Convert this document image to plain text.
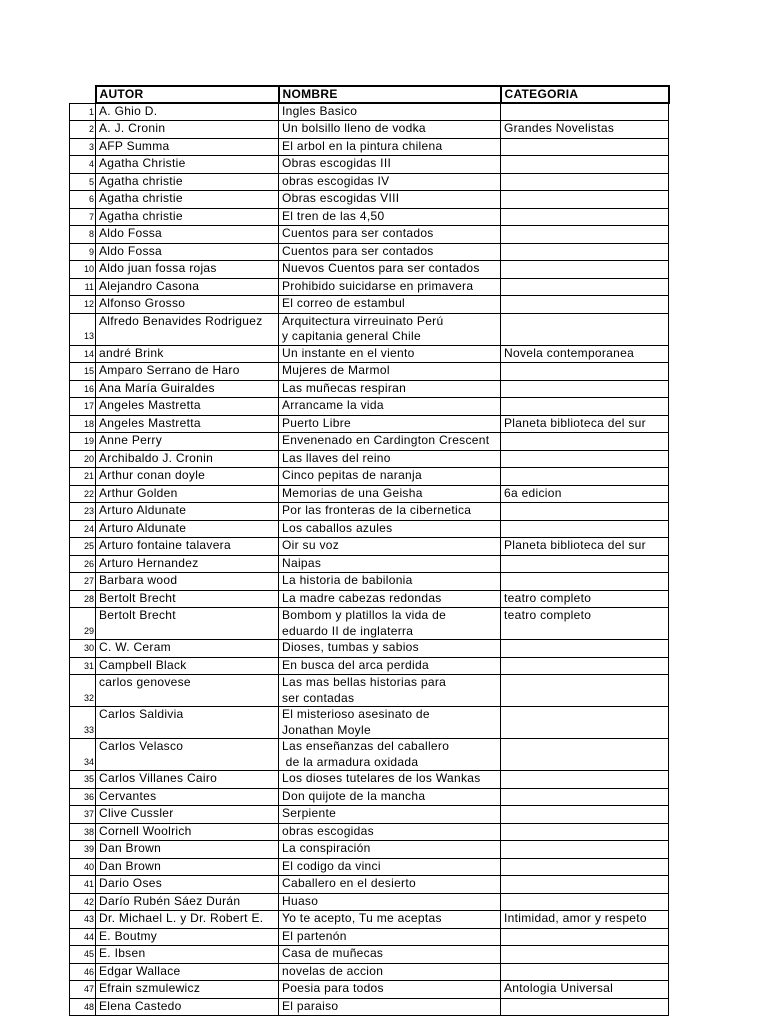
	AUTOR	NOMBRE	CATEGORIA
1	A. Ghio D.	Ingles Basico	

2	A. J. Cronin	Un bolsillo lleno de vodka	Grandes Novelistas
3	AFP Summa	El arbol en la pintura chilena	

4	Agatha Christie	Obras escogidas III	

5	Agatha christie	obras escogidas IV	

6	Agatha christie	Obras escogidas VIII	

7	Agatha christie	El tren de las 4,50	

8	Aldo Fossa	Cuentos para ser contados	

9	Aldo Fossa	Cuentos para ser contados	

10	Aldo juan fossa rojas	Nuevos Cuentos para ser contados	

11	Alejandro Casona	Prohibido suicidarse en primavera	

12	Alfonso Grosso	El correo de estambul	

13	Alfredo Benavides Rodriguez	Arquitectura virreuinato Perú
y capitania general Chile	

14	andré Brink	Un instante en el viento	Novela contemporanea
15	Amparo Serrano de Haro	Mujeres de Marmol	

16	Ana María Guiraldes	Las muñecas respiran	

17	Angeles Mastretta	Arrancame la vida	

18	Angeles Mastretta	Puerto Libre	Planeta biblioteca del sur
19	Anne Perry	Envenenado en Cardington Crescent	

20	Archibaldo J. Cronin	Las llaves del reino	

21	Arthur conan doyle	Cinco pepitas de naranja	

22	Arthur Golden	Memorias de una Geisha	6a edicion
23	Arturo Aldunate	Por las fronteras de la cibernetica	

24	Arturo Aldunate	Los caballos azules	

25	Arturo fontaine talavera	Oir su voz	Planeta biblioteca del sur
26	Arturo Hernandez	Naipas	

27	Barbara wood	La historia de babilonia	

28	Bertolt Brecht	La madre cabezas redondas	teatro completo
29	Bertolt Brecht	Bombom y platillos la vida de
eduardo II de inglaterra	teatro completo
30	C. W. Ceram	Dioses, tumbas y sabios	

31	Campbell Black	En busca del arca perdida	

32	carlos genovese	Las mas bellas historias para
ser contadas	

33	Carlos Saldivia	El misterioso asesinato de
Jonathan Moyle	

34	Carlos Velasco	Las enseñanzas del caballero
de la armadura oxidada	

35	Carlos Villanes Cairo	Los dioses tutelares de los Wankas	

36	Cervantes	Don quijote de la mancha	

37	Clive Cussler	Serpiente	

38	Cornell Woolrich	obras escogidas	

39	Dan Brown	La conspiración	

40	Dan Brown	El codigo da vinci	

41	Dario Oses	Caballero en el desierto	

42	Darío Rubén Sáez Durán	Huaso	

43	Dr. Michael L. y Dr. Robert E.	Yo te acepto, Tu me aceptas	Intimidad, amor y respeto
44	E. Boutmy	El partenón	

45	E. Ibsen	Casa de muñecas	

46	Edgar Wallace	novelas de accion	

47	Efrain szmulewicz	Poesia para todos	Antologia Universal
48	Elena Castedo	El paraiso	
